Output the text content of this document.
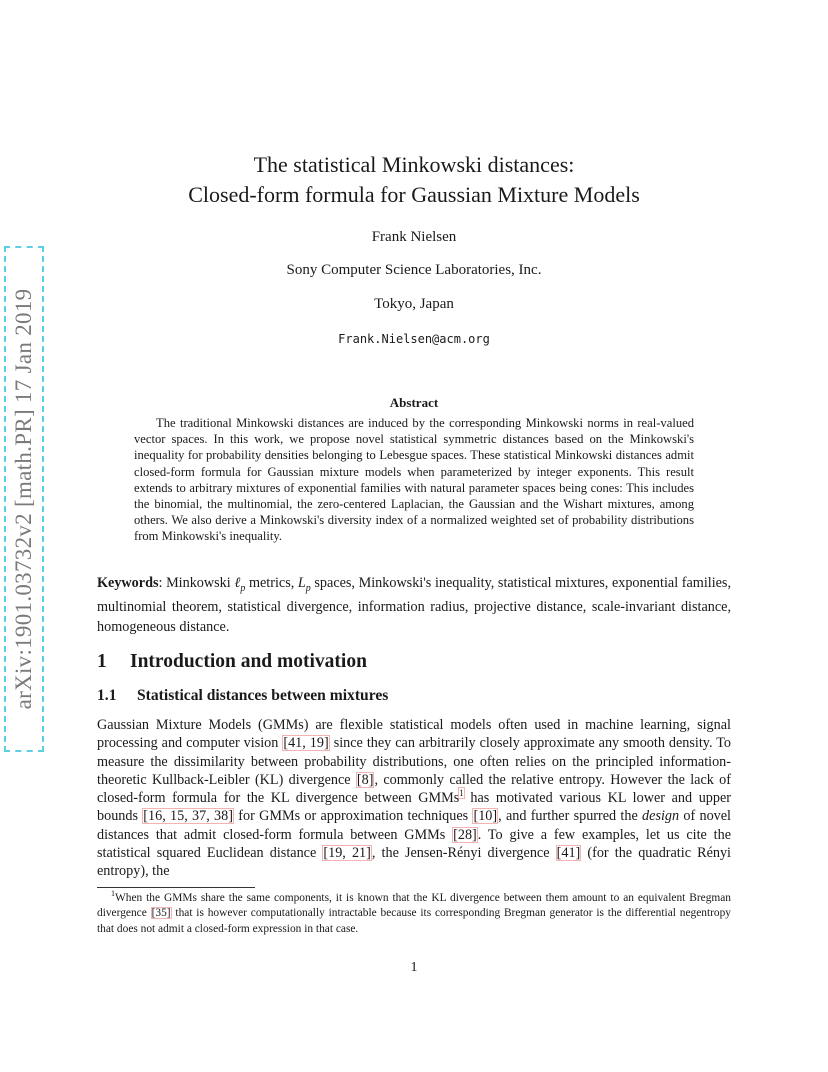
arXiv:1901.03732v2 [math.PR] 17 Jan 2019
The statistical Minkowski distances:
Closed-form formula for Gaussian Mixture Models
Frank Nielsen
Sony Computer Science Laboratories, Inc.
Tokyo, Japan
Frank.Nielsen@acm.org
Abstract

The traditional Minkowski distances are induced by the corresponding Minkowski norms in real-valued vector spaces. In this work, we propose novel statistical symmetric distances based on the Minkowski's inequality for probability densities belonging to Lebesgue spaces. These statistical Minkowski distances admit closed-form formula for Gaussian mixture models when parameterized by integer exponents. This result extends to arbitrary mixtures of exponential families with natural parameter spaces being cones: This includes the binomial, the multinomial, the zero-centered Laplacian, the Gaussian and the Wishart mixtures, among others. We also derive a Minkowski's diversity index of a normalized weighted set of probability distributions from Minkowski's inequality.

Keywords: Minkowski ℓ$_p$ metrics, $L_p$ spaces, Minkowski's inequality, statistical mixtures, exponential families, multinomial theorem, statistical divergence, information radius, projective distance, scale-invariant distance, homogeneous distance.

1 Introduction and motivation
1.1 Statistical distances between mixtures

Gaussian Mixture Models (GMMs) are flexible statistical models often used in machine learning, signal processing and computer vision [41, 19] since they can arbitrarily closely approximate any smooth density. To measure the dissimilarity between probability distributions, one often relies on the principled information-theoretic Kullback-Leibler (KL) divergence [8], commonly called the relative entropy. However the lack of closed-form formula for the KL divergence between GMMs$^1$ has motivated various KL lower and upper bounds [16, 15, 37, 38] for GMMs or approximation techniques [10], and further spurred the design of novel distances that admit closed-form formula between GMMs [28]. To give a few examples, let us cite the statistical squared Euclidean distance [19, 21], the Jensen-Rényi divergence [41] (for the quadratic Rényi entropy), the

$^1$When the GMMs share the same components, it is known that the KL divergence between them amount to an equivalent Bregman divergence [35] that is however computationally intractable because its corresponding Bregman generator is the differential negentropy that does not admit a closed-form expression in that case.

1
